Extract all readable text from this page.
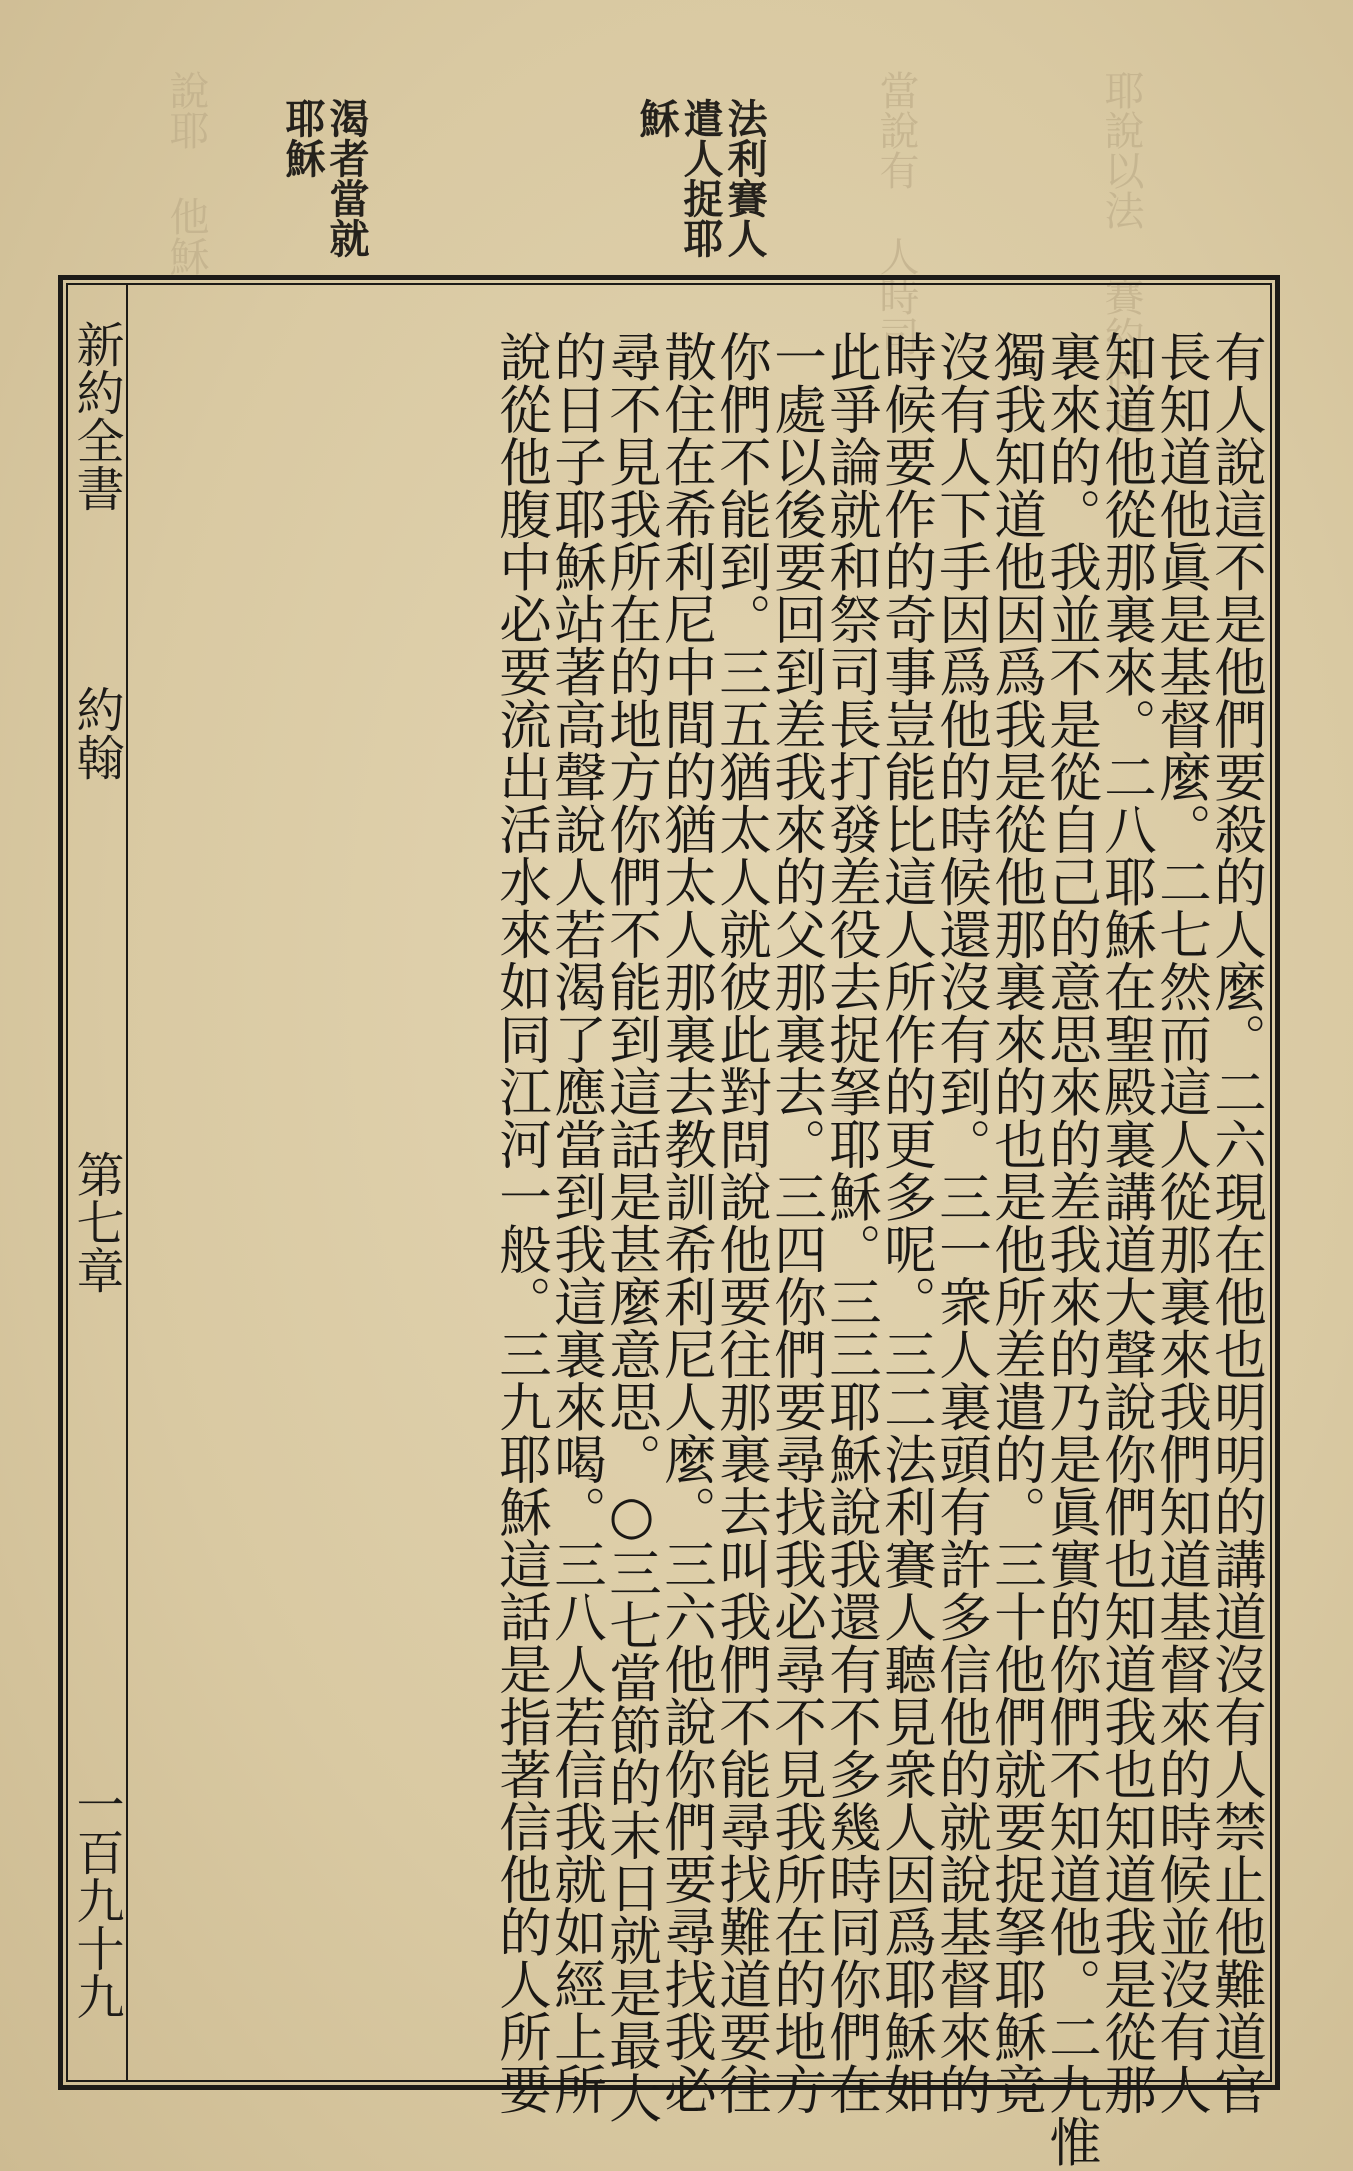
耶說以法 賽約們利
當說有 人時司
說耶 他穌	法利賽人
遣人捉耶
穌
渴者當就
耶穌
新約全書
約翰
第七章
一百九十九	有人說這不是他們要殺的人麼。二六現在他也明明的講道沒有人禁止他難道官
長知道他眞是基督麼。二七然而這人從那裏來我們知道基督來的時候並沒有人
知道他從那裏來。二八耶穌在聖殿裏講道大聲說你們也知道我也知道我是從那
裏來的。我並不是從自己的意思來的差我來的乃是眞實的你們不知道他。二九惟
獨我知道他因爲我是從他那裏來的也是他所差遣的。三十他們就要捉拏耶穌竟
沒有人下手因爲他的時候還沒有到。三一衆人裏頭有許多信他的就說基督來的
時候要作的奇事豈能比這人所作的更多呢。三二法利賽人聽見衆人因爲耶穌如
此爭論就和祭司長打發差役去捉拏耶穌。三三耶穌說我還有不多幾時同你們在
一處以後要回到差我來的父那裏去。三四你們要尋找我必尋不見我所在的地方
你們不能到。三五猶太人就彼此對問說他要往那裏去叫我們不能尋找難道要往
散住在希利尼中間的猶太人那裏去教訓希利尼人麼。三六他說你們要尋找我必
尋不見我所在的地方你們不能到這話是甚麼意思。○三七當節的末日就是最大
的日子耶穌站著高聲說人若渴了應當到我這裏來喝。三八人若信我就如經上所
說從他腹中必要流出活水來如同江河一般。三九耶穌這話是指著信他的人所要
